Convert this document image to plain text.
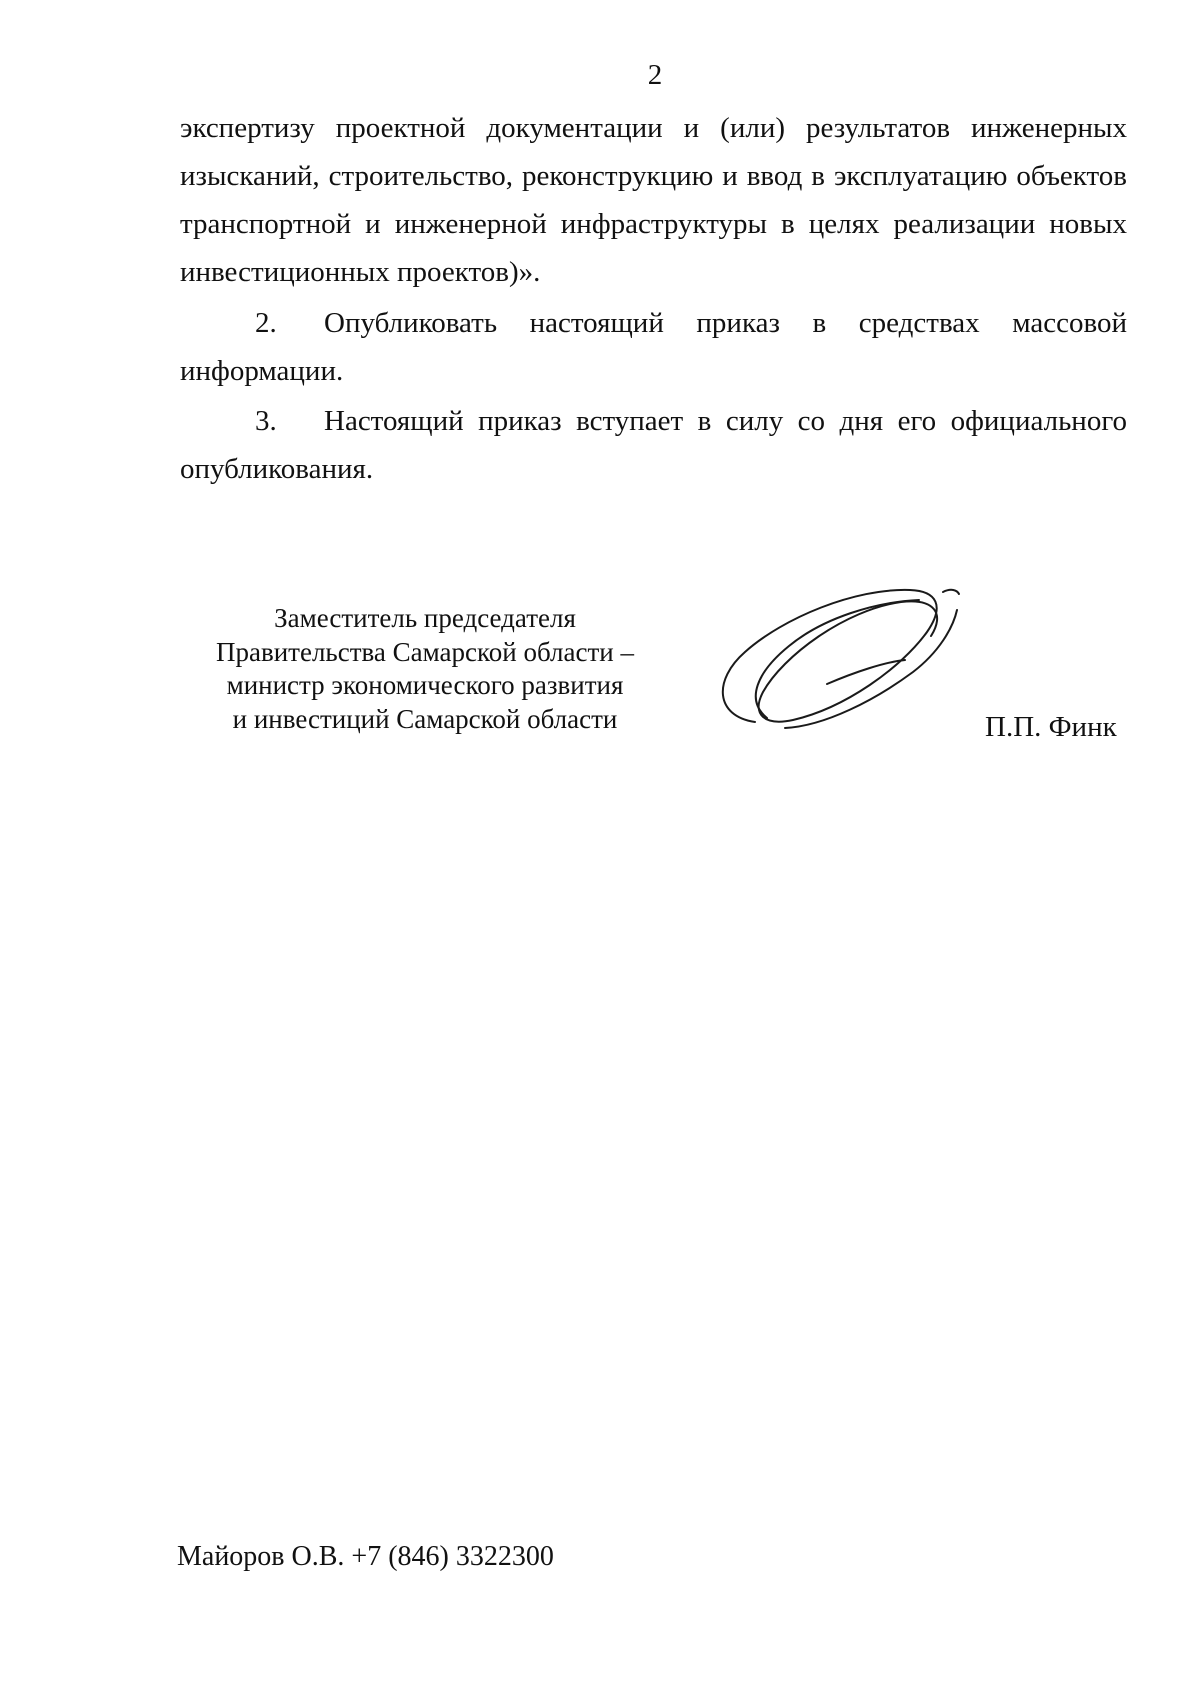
2

экспертизу проектной документации и (или) результатов инженерных изысканий, строительство, реконструкцию и ввод в эксплуатацию объектов транспортной и инженерной инфраструктуры в целях реализации новых инвестиционных проектов)».

2. Опубликовать настоящий приказ в средствах массовой информации.

3. Настоящий приказ вступает в силу со дня его официального опубликования.

Заместитель председателя
Правительства Самарской области –
министр экономического развития
и инвестиций Самарской области	П.П. Финк
Майоров О.В. +7 (846) 3322300
